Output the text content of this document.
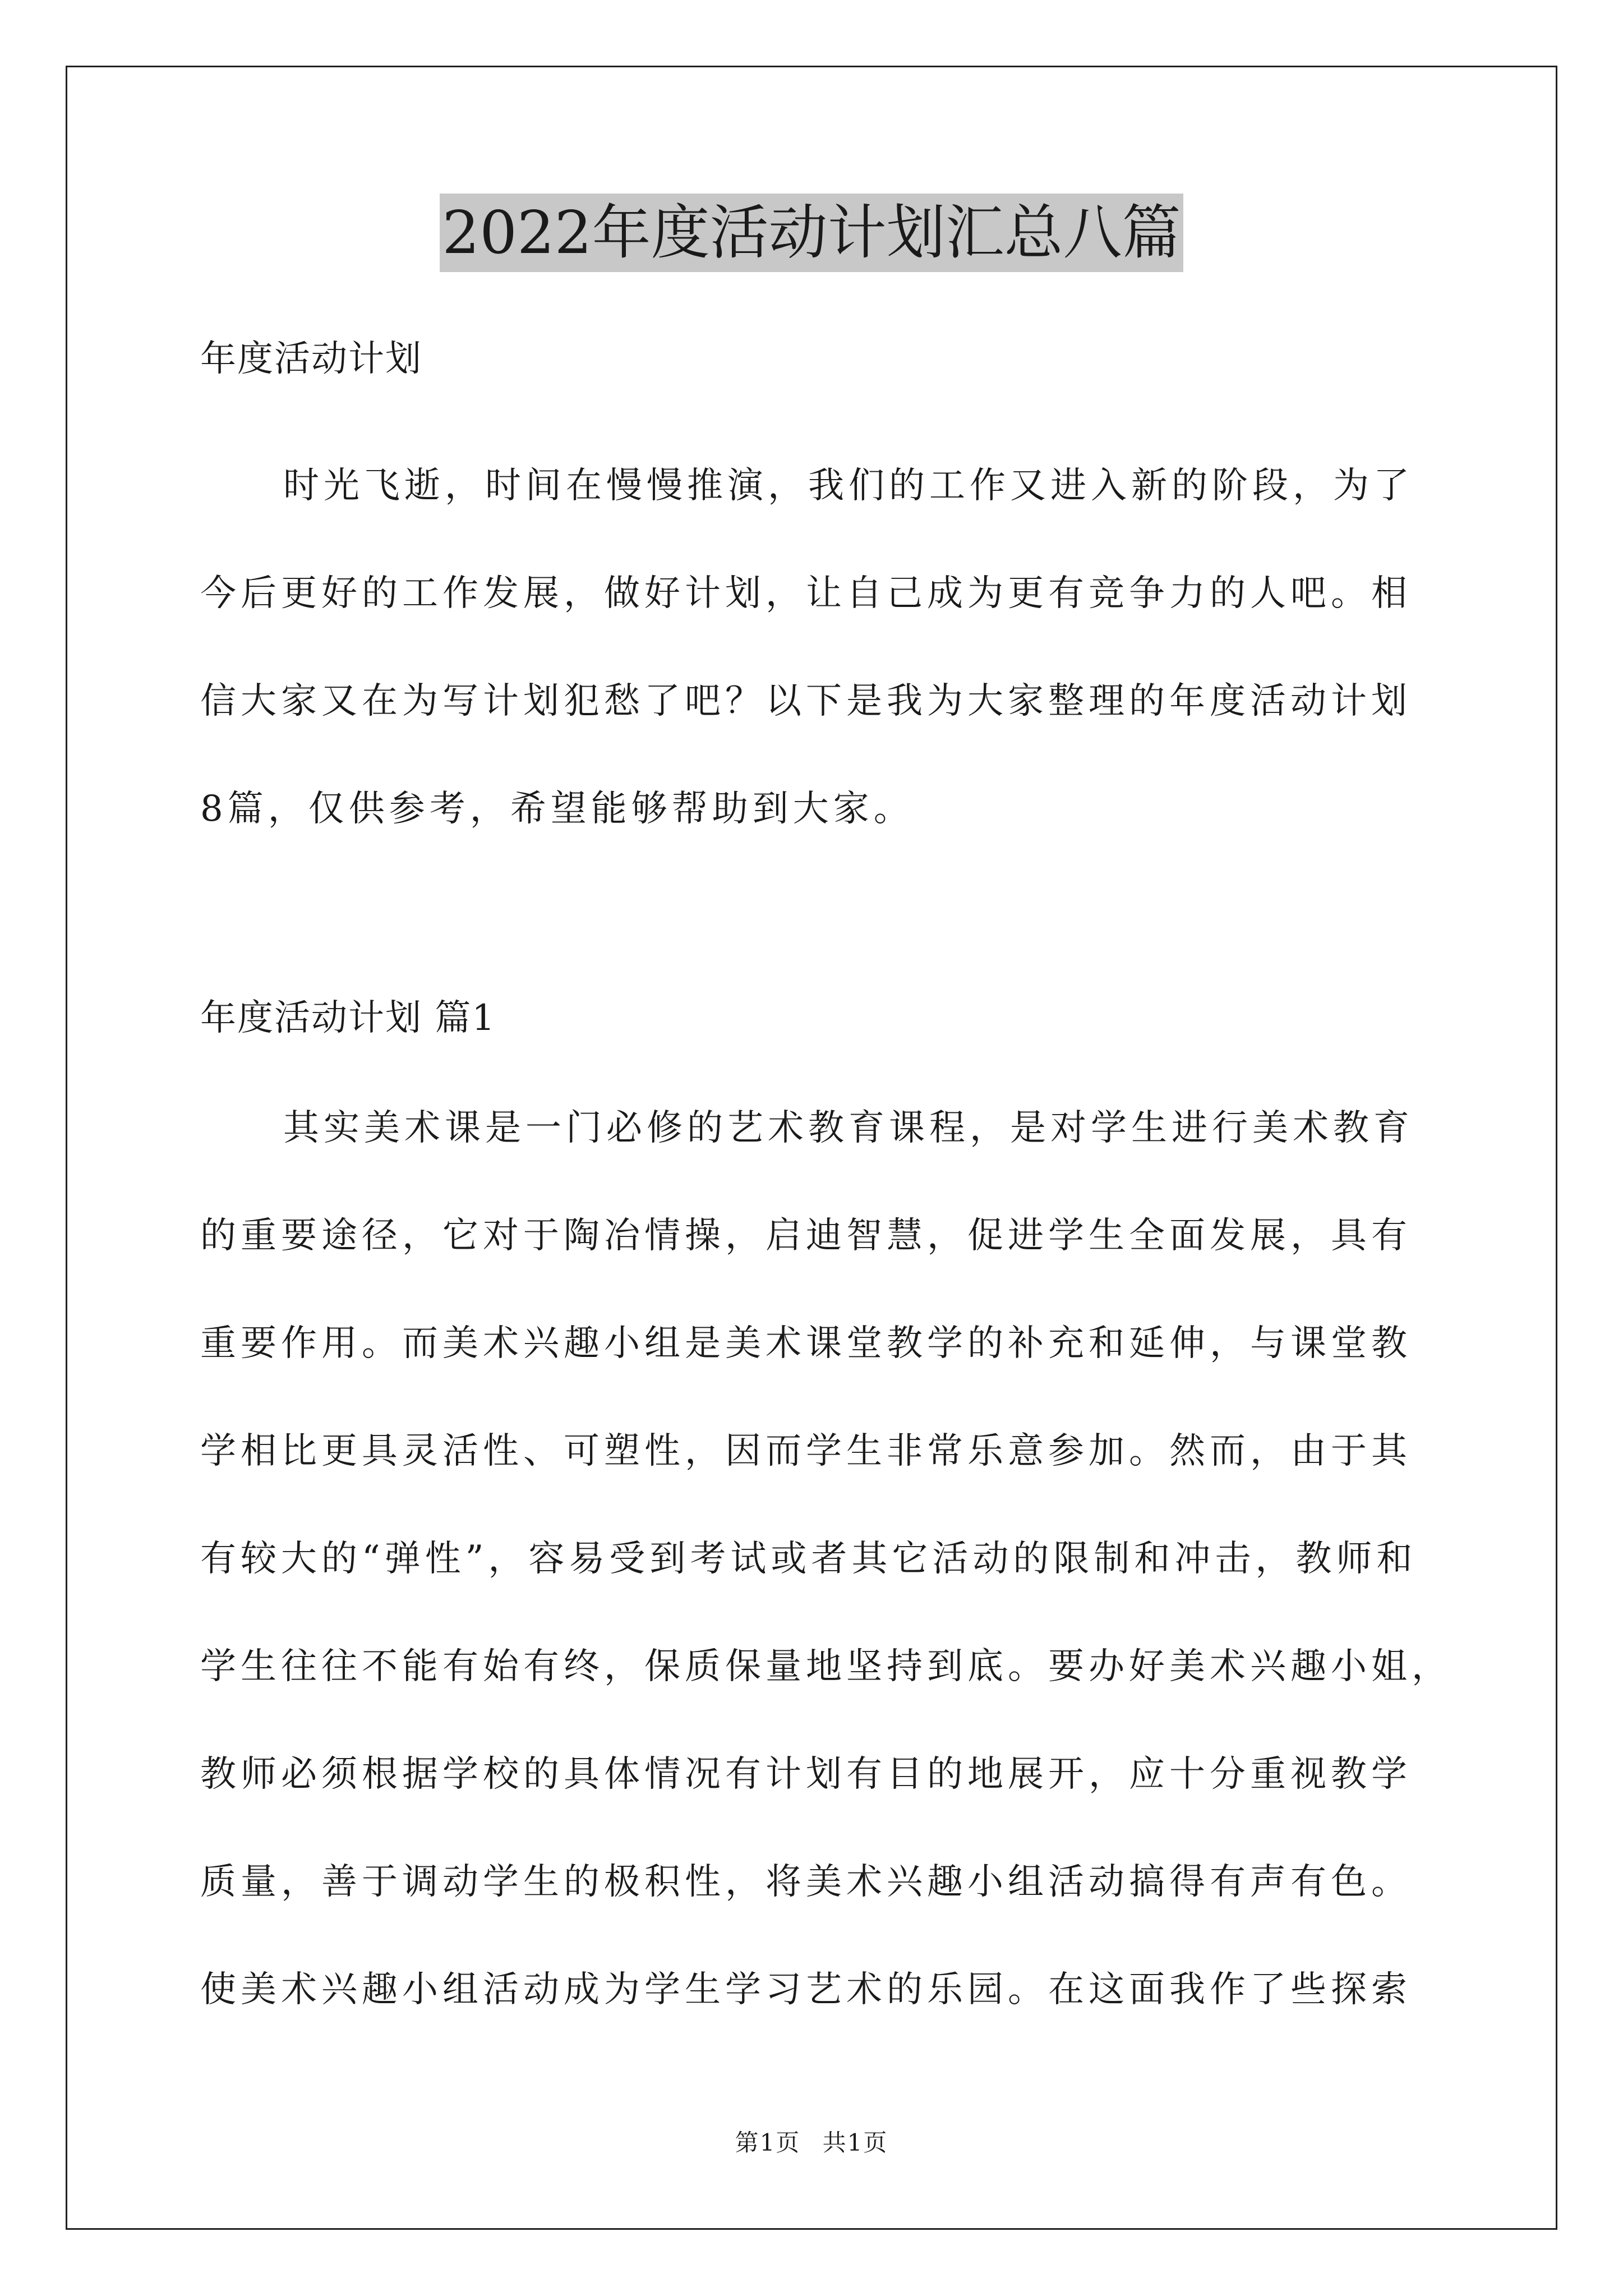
2022年度活动计划汇总八篇
年度活动计划
时光飞逝，时间在慢慢推演，我们的工作又进入新的阶段，为了
今后更好的工作发展，做好计划，让自己成为更有竞争力的人吧。相
信大家又在为写计划犯愁了吧？以下是我为大家整理的年度活动计划
8篇，仅供参考，希望能够帮助到大家。
年度活动计划 篇1
其实美术课是一门必修的艺术教育课程，是对学生进行美术教育
的重要途径，它对于陶冶情操，启迪智慧，促进学生全面发展，具有
重要作用。而美术兴趣小组是美术课堂教学的补充和延伸，与课堂教
学相比更具灵活性、可塑性，因而学生非常乐意参加。然而，由于其
有较大的“弹性”，容易受到考试或者其它活动的限制和冲击，教师和
学生往往不能有始有终，保质保量地坚持到底。要办好美术兴趣小姐，
教师必须根据学校的具体情况有计划有目的地展开，应十分重视教学
质量，善于调动学生的极积性，将美术兴趣小组活动搞得有声有色。
使美术兴趣小组活动成为学生学习艺术的乐园。在这面我作了些探索
第1页 共1页
